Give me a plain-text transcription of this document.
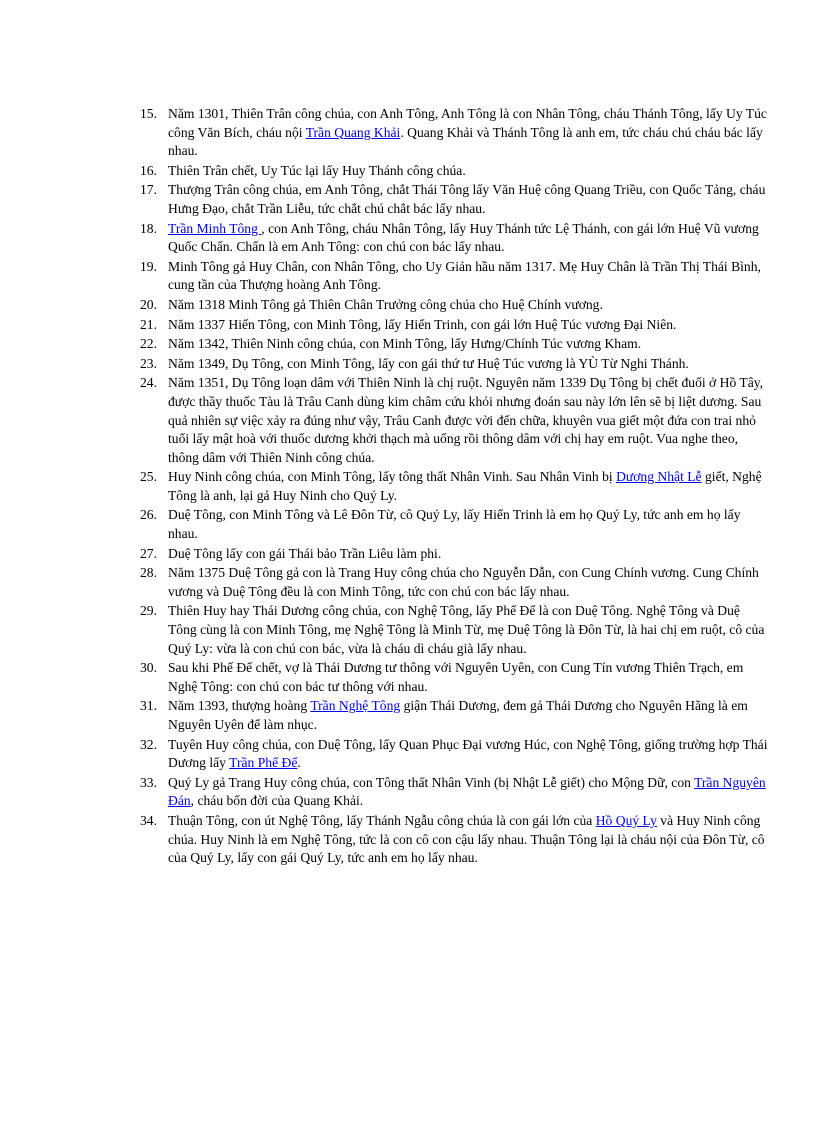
15. Năm 1301, Thiên Trân công chúa, con Anh Tông, Anh Tông là con Nhân Tông, cháu Thánh Tông, lấy Uy Túc công Văn Bích, cháu nội Trần Quang Khải. Quang Khải và Thánh Tông là anh em, tức cháu chú cháu bác lấy nhau.
16. Thiên Trân chết, Uy Túc lại lấy Huy Thánh công chúa.
17. Thượng Trân công chúa, em Anh Tông, chắt Thái Tông lấy Văn Huệ công Quang Triều, con Quốc Tảng, cháu Hưng Đạo, chắt Trần Liễu, tức chắt chú chắt bác lấy nhau.
18. Trần Minh Tông , con Anh Tông, cháu Nhân Tông, lấy Huy Thánh tức Lệ Thánh, con gái lớn Huệ Vũ vương Quốc Chẩn. Chẩn là em Anh Tông: con chú con bác lấy nhau.
19. Minh Tông gả Huy Chân, con Nhân Tông, cho Uy Giản hầu năm 1317. Mẹ Huy Chân là Trần Thị Thái Bình, cung tần của Thượng hoàng Anh Tông.
20. Năm 1318 Minh Tông gả Thiên Chân Trưởng công chúa cho Huệ Chính vương.
21. Năm 1337 Hiến Tông, con Minh Tông, lấy Hiến Trinh, con gái lớn Huệ Túc vương Đại Niên.
22. Năm 1342, Thiên Ninh công chúa, con Minh Tông, lấy Hưng/Chính Túc vương Kham.
23. Năm 1349, Dụ Tông, con Minh Tông, lấy con gái thứ tư Huệ Túc vương là YÙ Từ Nghi Thánh.
24. Năm 1351, Dụ Tông loạn dâm với Thiên Ninh là chị ruột. Nguyên năm 1339 Dụ Tông bị chết đuối ở Hồ Tây, được thầy thuốc Tàu là Trâu Canh dùng kim châm cứu khỏi nhưng đoán sau này lớn lên sẽ bị liệt dương. Sau quả nhiên sự việc xảy ra đúng như vậy, Trâu Canh được vời đến chữa, khuyên vua giết một đứa con trai nhỏ tuổi lấy mật hoà với thuốc dương khởi thạch mà uống rồi thông dâm với chị hay em ruột. Vua nghe theo, thông dâm với Thiên Ninh công chúa.
25. Huy Ninh công chúa, con Minh Tông, lấy tông thất Nhân Vinh. Sau Nhân Vinh bị Dương Nhật Lễ giết, Nghệ Tông là anh, lại gả Huy Ninh cho Quý Ly.
26. Duệ Tông, con Minh Tông và Lê Đôn Từ, cô Quý Ly, lấy Hiển Trinh là em họ Quý Ly, tức anh em họ lấy nhau.
27. Duệ Tông lấy con gái Thái bảo Trần Liêu làm phi.
28. Năm 1375 Duệ Tông gả con là Trang Huy công chúa cho Nguyễn Dẫn, con Cung Chính vương. Cung Chính vương và Duệ Tông đều là con Minh Tông, tức con chú con bác lấy nhau.
29. Thiên Huy hay Thái Dương công chúa, con Nghệ Tông, lấy Phế Đế là con Duệ Tông. Nghệ Tông và Duệ Tông cùng là con Minh Tông, mẹ Nghệ Tông là Minh Từ, mẹ Duệ Tông là Đôn Từ, là hai chị em ruột, cô của Quý Ly: vừa là con chú con bác, vừa là cháu dì cháu già lấy nhau.
30. Sau khi Phế Đế chết, vợ là Thái Dương tư thông với Nguyên Uyên, con Cung Tín vương Thiên Trạch, em Nghệ Tông: con chú con bác tư thông với nhau.
31. Năm 1393, thượng hoàng Trần Nghệ Tông giận Thái Dương, đem gả Thái Dương cho Nguyên Hãng là em Nguyên Uyên để làm nhục.
32. Tuyên Huy công chúa, con Duệ Tông, lấy Quan Phục Đại vương Húc, con Nghệ Tông, giống trường hợp Thái Dương lấy Trần Phế Đế.
33. Quý Ly gả Trang Huy công chúa, con Tông thất Nhân Vinh (bị Nhật Lễ giết) cho Mộng Dữ, con Trần Nguyên Đán, cháu bốn đời của Quang Khải.
34. Thuận Tông, con út Nghệ Tông, lấy Thánh Ngẫu công chúa là con gái lớn của Hồ Quý Ly và Huy Ninh công chúa. Huy Ninh là em Nghệ Tông, tức là con cô con cậu lấy nhau. Thuận Tông lại là cháu nội của Đôn Từ, cô của Quý Ly, lấy con gái Quý Ly, tức anh em họ lấy nhau.
